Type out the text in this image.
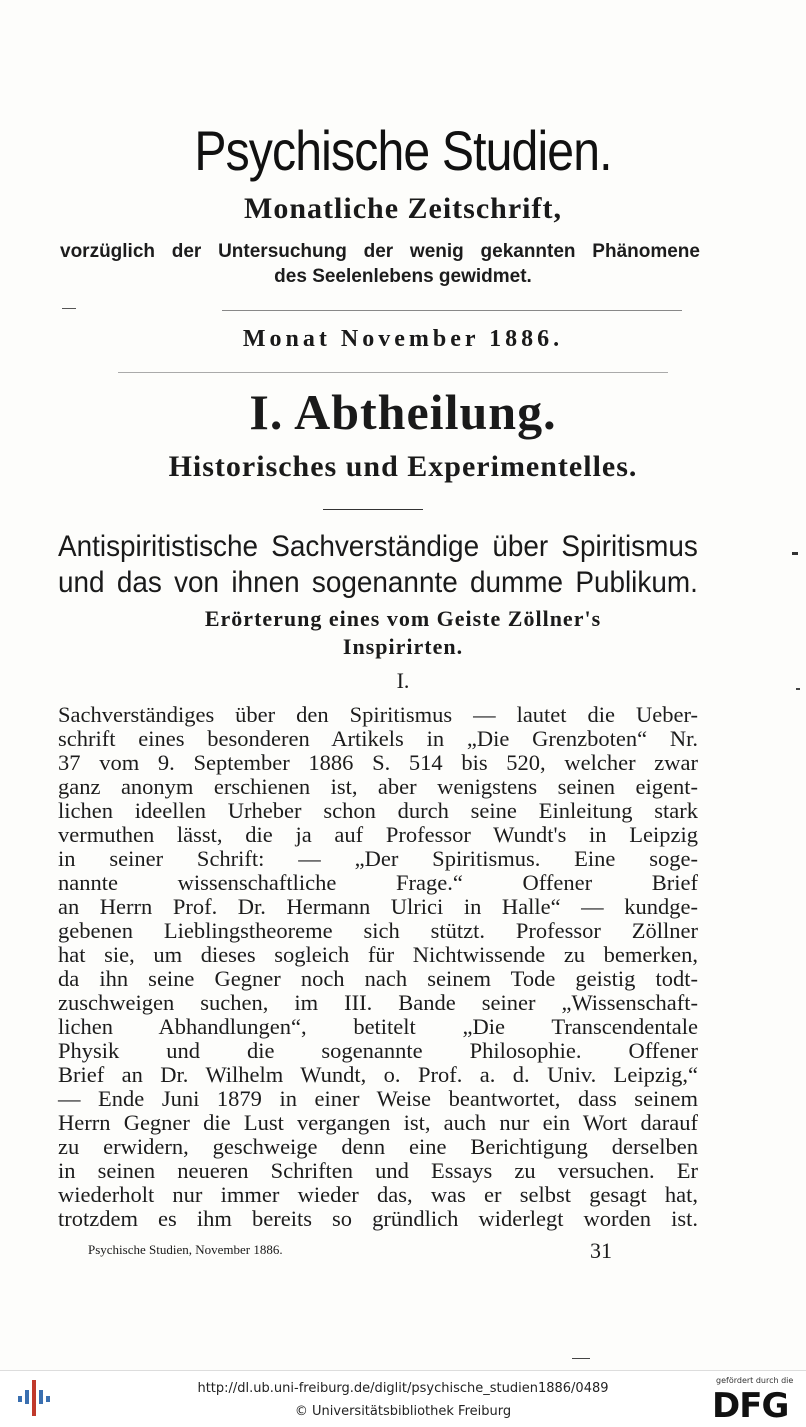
Psychische Studien.
Monatliche Zeitschrift,
vorzüglich der Untersuchung der wenig gekannten Phänomene
des Seelenlebens gewidmet.
Monat November 1886.
I. Abtheilung.
Historisches und Experimentelles.
Antispiritistische Sachverständige über Spiritismus
und das von ihnen sogenannte dumme Publikum.
Erörterung eines vom Geiste Zöllner's
Inspirirten.
I.
Sachverständiges über den Spiritismus — lautet die Ueber-
schrift eines besonderen Artikels in „Die Grenzboten“ Nr.
37 vom 9. September 1886 S. 514 bis 520, welcher zwar
ganz anonym erschienen ist, aber wenigstens seinen eigent-
lichen ideellen Urheber schon durch seine Einleitung stark
vermuthen lässt, die ja auf Professor Wundt's in Leipzig
in seiner Schrift: — „Der Spiritismus. Eine soge-
nannte wissenschaftliche Frage.“ Offener Brief
an Herrn Prof. Dr. Hermann Ulrici in Halle“ — kundge-
gebenen Lieblingstheoreme sich stützt. Professor Zöllner
hat sie, um dieses sogleich für Nichtwissende zu bemerken,
da ihn seine Gegner noch nach seinem Tode geistig todt-
zuschweigen suchen, im III. Bande seiner „Wissenschaft-
lichen Abhandlungen“, betitelt „Die Transcendentale
Physik und die sogenannte Philosophie. Offener
Brief an Dr. Wilhelm Wundt, o. Prof. a. d. Univ. Leipzig,“
— Ende Juni 1879 in einer Weise beantwortet, dass seinem
Herrn Gegner die Lust vergangen ist, auch nur ein Wort darauf
zu erwidern, geschweige denn eine Berichtigung derselben
in seinen neueren Schriften und Essays zu versuchen. Er
wiederholt nur immer wieder das, was er selbst gesagt hat,
trotzdem es ihm bereits so gründlich widerlegt worden ist.
Psychische Studien, November 1886.	31
http://dl.ub.uni-freiburg.de/diglit/psychische_studien1886/0489
© Universitätsbibliothek Freiburg
gefördert durch die
DFG
